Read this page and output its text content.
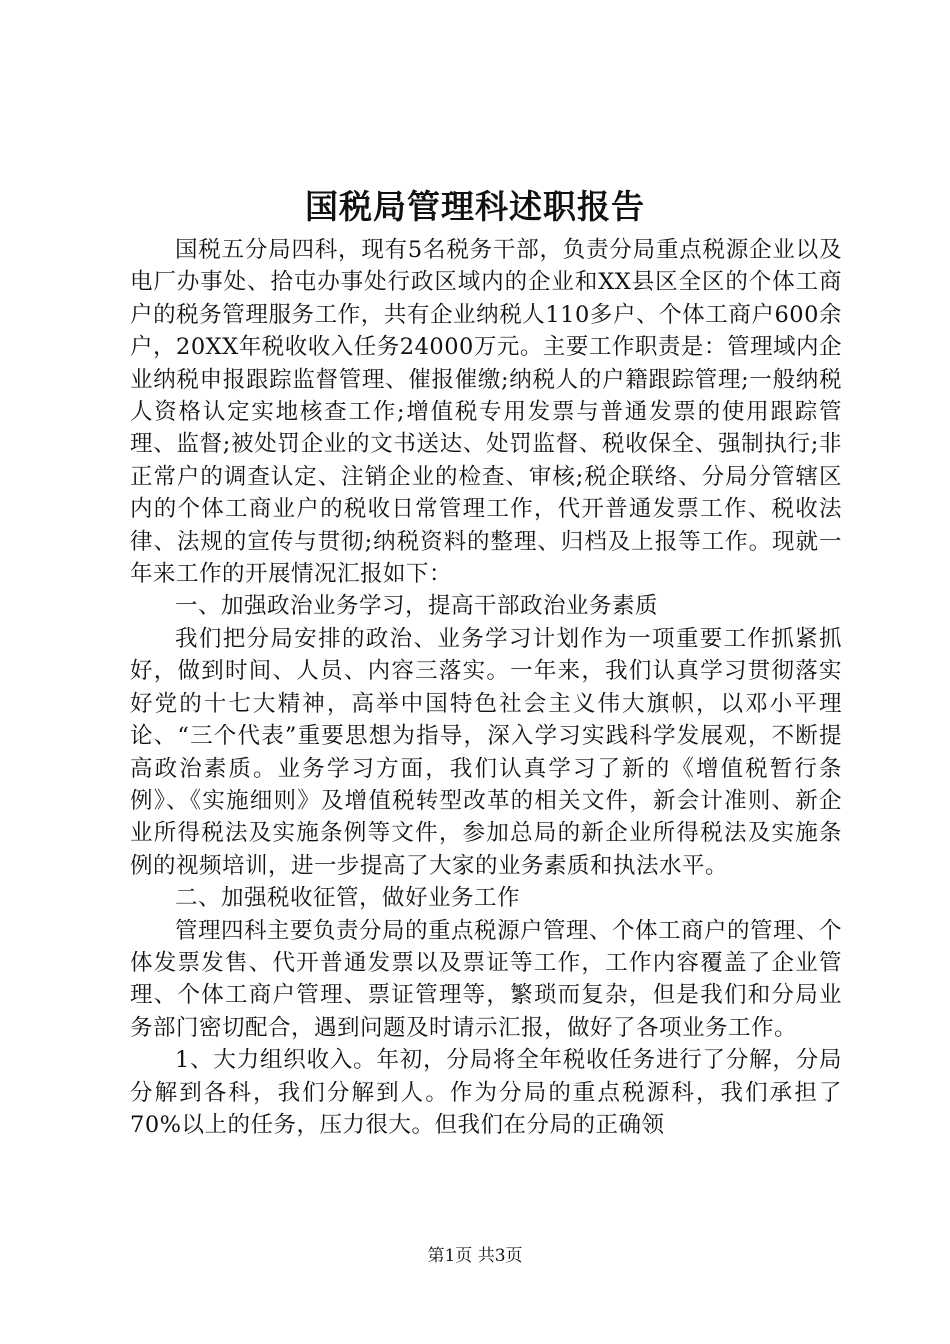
国税局管理科述职报告

国税五分局四科，现有5名税务干部，负责分局重点税源企业以及电厂办事处、拾屯办事处行政区域内的企业和XX县区全区的个体工商户的税务管理服务工作，共有企业纳税人110多户、个体工商户600余户，20XX年税收收入任务24000万元。主要工作职责是：管理域内企业纳税申报跟踪监督管理、催报催缴;纳税人的户籍跟踪管理;一般纳税人资格认定实地核查工作;增值税专用发票与普通发票的使用跟踪管理、监督;被处罚企业的文书送达、处罚监督、税收保全、强制执行;非正常户的调查认定、注销企业的检查、审核;税企联络、分局分管辖区内的个体工商业户的税收日常管理工作，代开普通发票工作、税收法律、法规的宣传与贯彻;纳税资料的整理、归档及上报等工作。现就一年来工作的开展情况汇报如下：

一、加强政治业务学习，提高干部政治业务素质

我们把分局安排的政治、业务学习计划作为一项重要工作抓紧抓好，做到时间、人员、内容三落实。一年来，我们认真学习贯彻落实好党的十七大精神，高举中国特色社会主义伟大旗帜，以邓小平理论、“三个代表”重要思想为指导，深入学习实践科学发展观，不断提高政治素质。业务学习方面，我们认真学习了新的《增值税暂行条例》、《实施细则》及增值税转型改革的相关文件，新会计准则、新企业所得税法及实施条例等文件，参加总局的新企业所得税法及实施条例的视频培训，进一步提高了大家的业务素质和执法水平。

二、加强税收征管，做好业务工作

管理四科主要负责分局的重点税源户管理、个体工商户的管理、个体发票发售、代开普通发票以及票证等工作，工作内容覆盖了企业管理、个体工商户管理、票证管理等，繁琐而复杂，但是我们和分局业务部门密切配合，遇到问题及时请示汇报，做好了各项业务工作。

1、大力组织收入。年初，分局将全年税收任务进行了分解，分局分解到各科，我们分解到人。作为分局的重点税源科，我们承担了70%以上的任务，压力很大。但我们在分局的正确领

第1页 共3页
